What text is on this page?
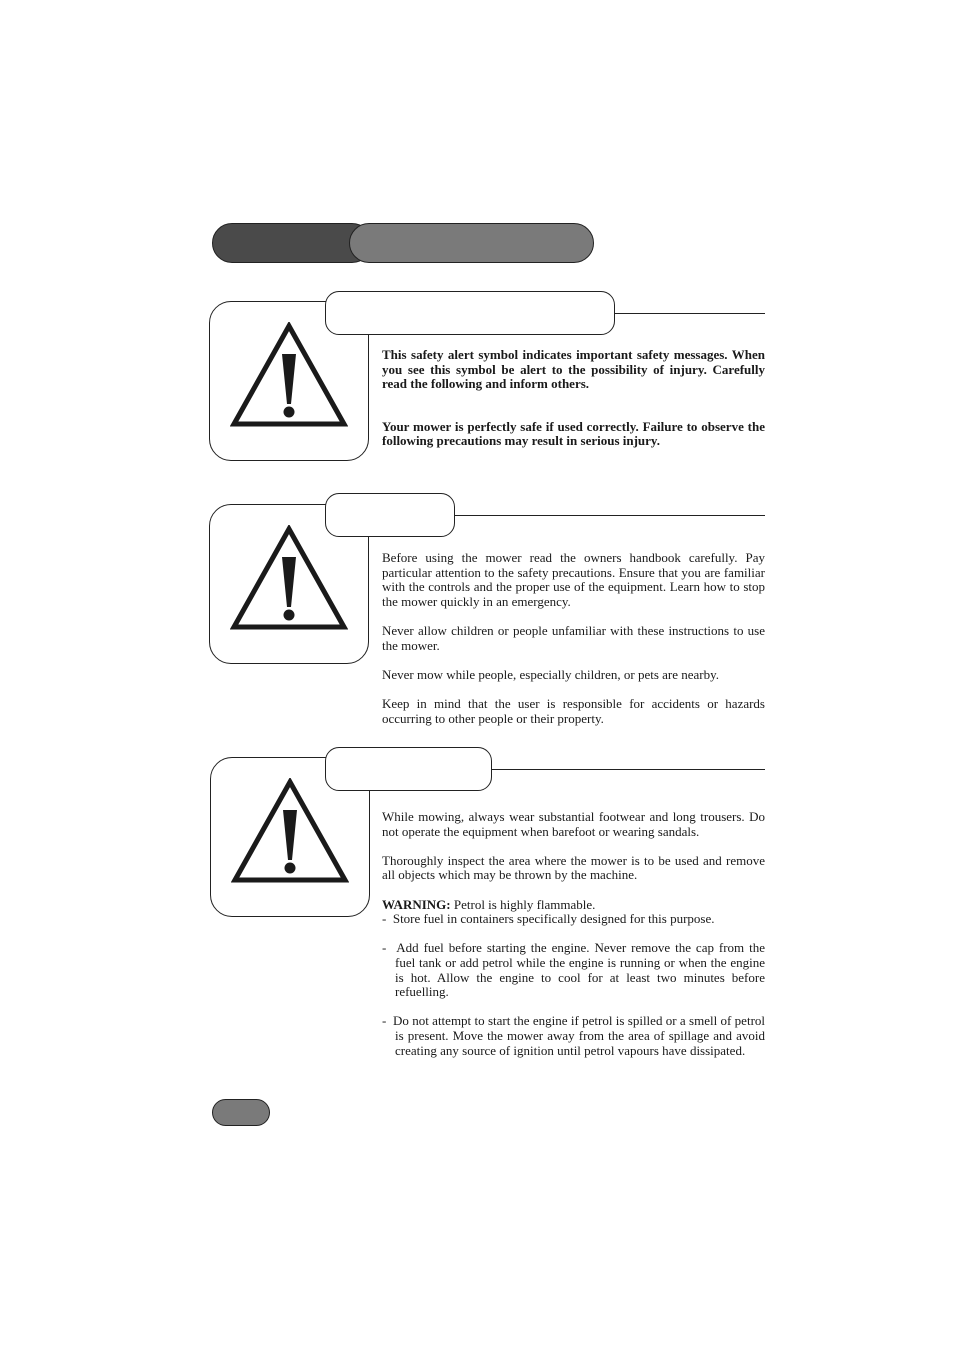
This safety alert symbol indicates important safety messages. When you see this symbol be alert to the possibility of injury. Carefully read the following and inform others.

Your mower is perfectly safe if used correctly. Failure to observe the following precautions may result in serious injury.

Before using the mower read the owners handbook carefully. Pay particular attention to the safety precautions. Ensure that you are familiar with the controls and the proper use of the equipment. Learn how to stop the mower quickly in an emergency.

Never allow children or people unfamiliar with these instructions to use the mower.

Never mow while people, especially children, or pets are nearby.

Keep in mind that the user is responsible for accidents or hazards occurring to other people or their property.

While mowing, always wear substantial footwear and long trousers. Do not operate the equipment when barefoot or wearing sandals.

Thoroughly inspect the area where the mower is to be used and remove all objects which may be thrown by the machine.

WARNING: Petrol is highly flammable.

- Store fuel in containers specifically designed for this purpose.

- Add fuel before starting the engine. Never remove the cap from the fuel tank or add petrol while the engine is running or when the engine is hot. Allow the engine to cool for at least two minutes before refuelling.

- Do not attempt to start the engine if petrol is spilled or a smell of petrol is present. Move the mower away from the area of spillage and avoid creating any source of ignition until petrol vapours have dissipated.
